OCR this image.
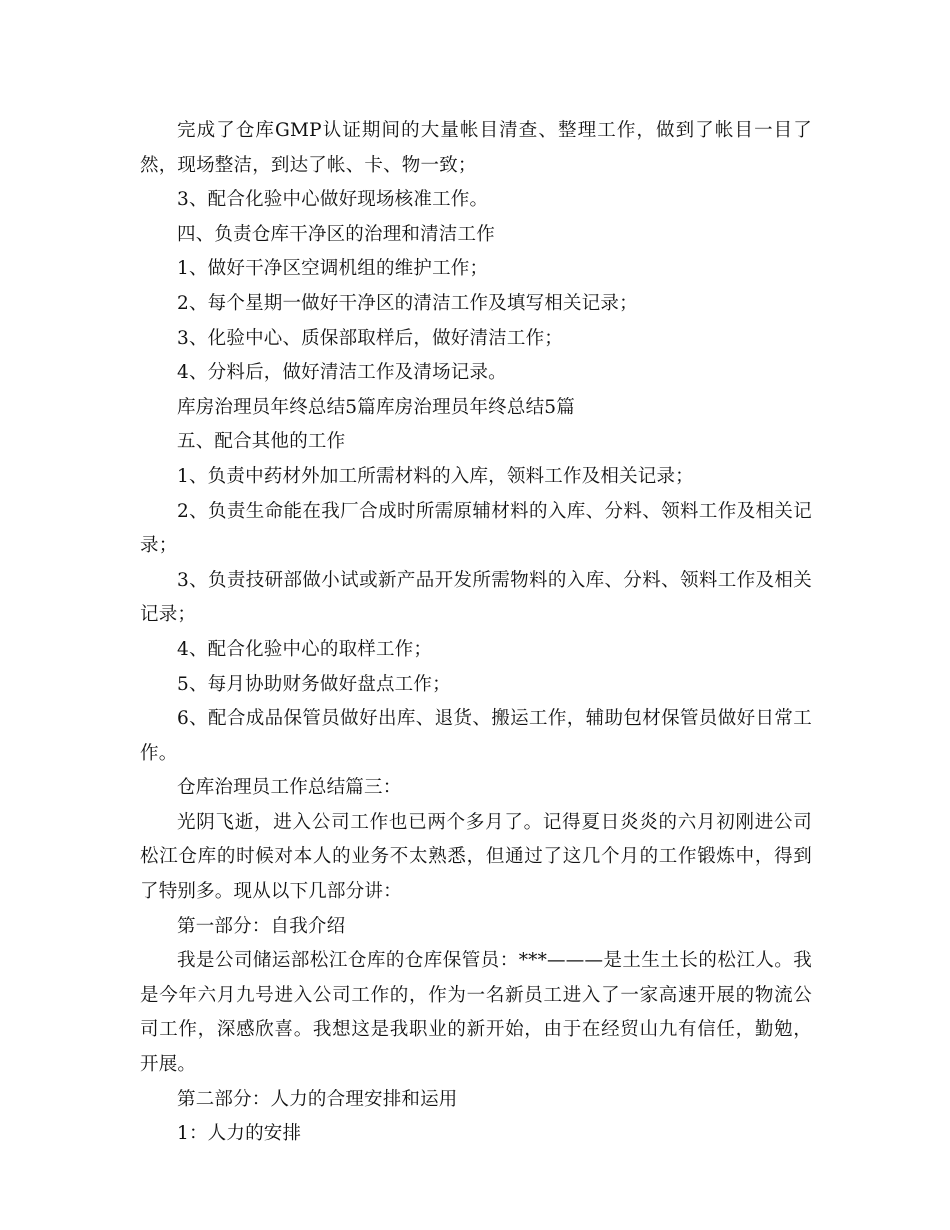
完成了仓库GMP认证期间的大量帐目清查、整理工作，做到了帐目一目了然，现场整洁，到达了帐、卡、物一致；

3、配合化验中心做好现场核准工作。

四、负责仓库干净区的治理和清洁工作

1、做好干净区空调机组的维护工作；

2、每个星期一做好干净区的清洁工作及填写相关记录；

3、化验中心、质保部取样后，做好清洁工作；

4、分料后，做好清洁工作及清场记录。

库房治理员年终总结5篇库房治理员年终总结5篇

五、配合其他的工作

1、负责中药材外加工所需材料的入库，领料工作及相关记录；

2、负责生命能在我厂合成时所需原辅材料的入库、分料、领料工作及相关记录；

3、负责技研部做小试或新产品开发所需物料的入库、分料、领料工作及相关记录；

4、配合化验中心的取样工作；

5、每月协助财务做好盘点工作；

6、配合成品保管员做好出库、退货、搬运工作，辅助包材保管员做好日常工作。

仓库治理员工作总结篇三：

光阴飞逝，进入公司工作也已两个多月了。记得夏日炎炎的六月初刚进公司松江仓库的时候对本人的业务不太熟悉，但通过了这几个月的工作锻炼中，得到了特别多。现从以下几部分讲：

第一部分：自我介绍

我是公司储运部松江仓库的仓库保管员：***———是土生土长的松江人。我是今年六月九号进入公司工作的，作为一名新员工进入了一家高速开展的物流公司工作，深感欣喜。我想这是我职业的新开始，由于在经贸山九有信任，勤勉，开展。

第二部分：人力的合理安排和运用

1：人力的安排
